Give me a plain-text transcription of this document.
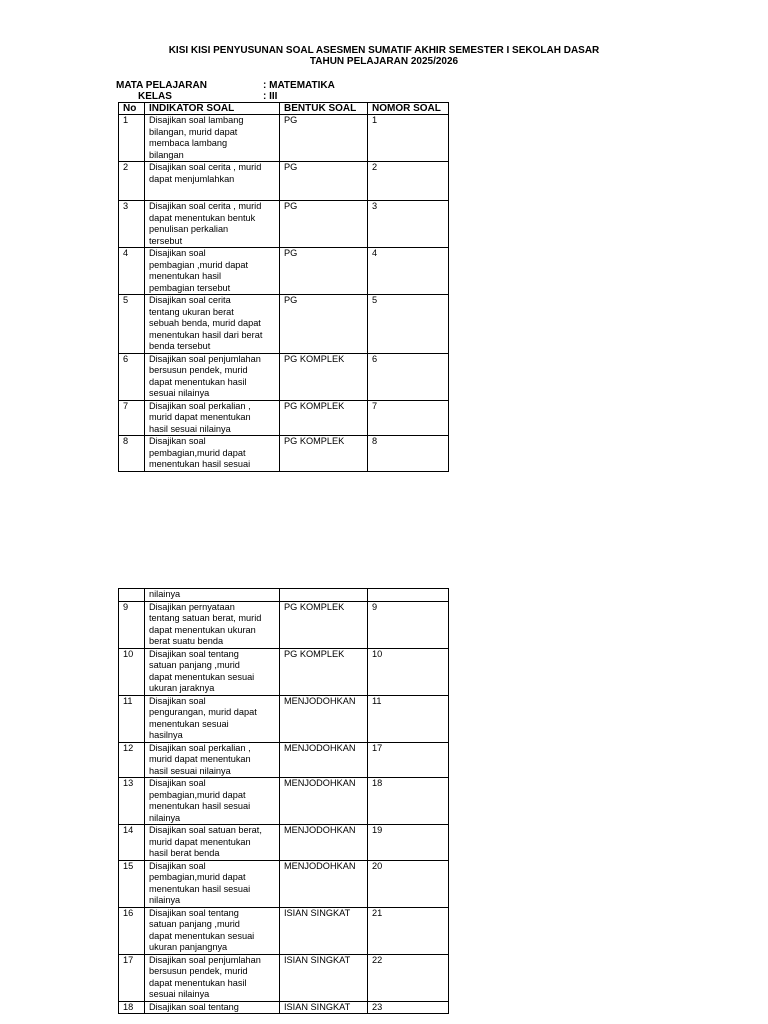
KISI KISI PENYUSUNAN SOAL ASESMEN SUMATIF AKHIR SEMESTER I SEKOLAH DASAR
TAHUN PELAJARAN 2025/2026
MATA PELAJARAN	: MATEMATIKA
KELAS	: III
No	INDIKATOR SOAL	BENTUK SOAL	NOMOR SOAL
1	Disajikan soal lambang
bilangan, murid dapat
membaca lambang
bilangan	PG	1
2	Disajikan soal cerita , murid
dapat menjumlahkan	PG	2
3	Disajikan soal cerita , murid
dapat menentukan bentuk
penulisan perkalian
tersebut	PG	3
4	Disajikan soal
pembagian ,murid dapat
menentukan hasil
pembagian tersebut	PG	4
5	Disajikan soal cerita
tentang ukuran berat
sebuah benda, murid dapat
menentukan hasil dari berat
benda tersebut	PG	5
6	Disajikan soal penjumlahan
bersusun pendek, murid
dapat menentukan hasil
sesuai nilainya	PG KOMPLEK	6
7	Disajikan soal perkalian ,
murid dapat menentukan
hasil sesuai nilainya	PG KOMPLEK	7
8	Disajikan soal
pembagian,murid dapat
menentukan hasil sesuai	PG KOMPLEK	8
	nilainya		
9	Disajikan pernyataan
tentang satuan berat, murid
dapat menentukan ukuran
berat suatu benda	PG KOMPLEK	9
10	Disajikan soal tentang
satuan panjang ,murid
dapat menentukan sesuai
ukuran jaraknya	PG KOMPLEK	10
11	Disajikan soal
pengurangan, murid dapat
menentukan sesuai
hasilnya	MENJODOHKAN	11
12	Disajikan soal perkalian ,
murid dapat menentukan
hasil sesuai nilainya	MENJODOHKAN	17
13	Disajikan soal
pembagian,murid dapat
menentukan hasil sesuai
nilainya	MENJODOHKAN	18
14	Disajikan soal satuan berat,
murid dapat menentukan
hasil berat benda	MENJODOHKAN	19
15	Disajikan soal
pembagian,murid dapat
menentukan hasil sesuai
nilainya	MENJODOHKAN	20
16	Disajikan soal tentang
satuan panjang ,murid
dapat menentukan sesuai
ukuran panjangnya	ISIAN SINGKAT	21
17	Disajikan soal penjumlahan
bersusun pendek, murid
dapat menentukan hasil
sesuai nilainya	ISIAN SINGKAT	22
18	Disajikan soal tentang	ISIAN SINGKAT	23
